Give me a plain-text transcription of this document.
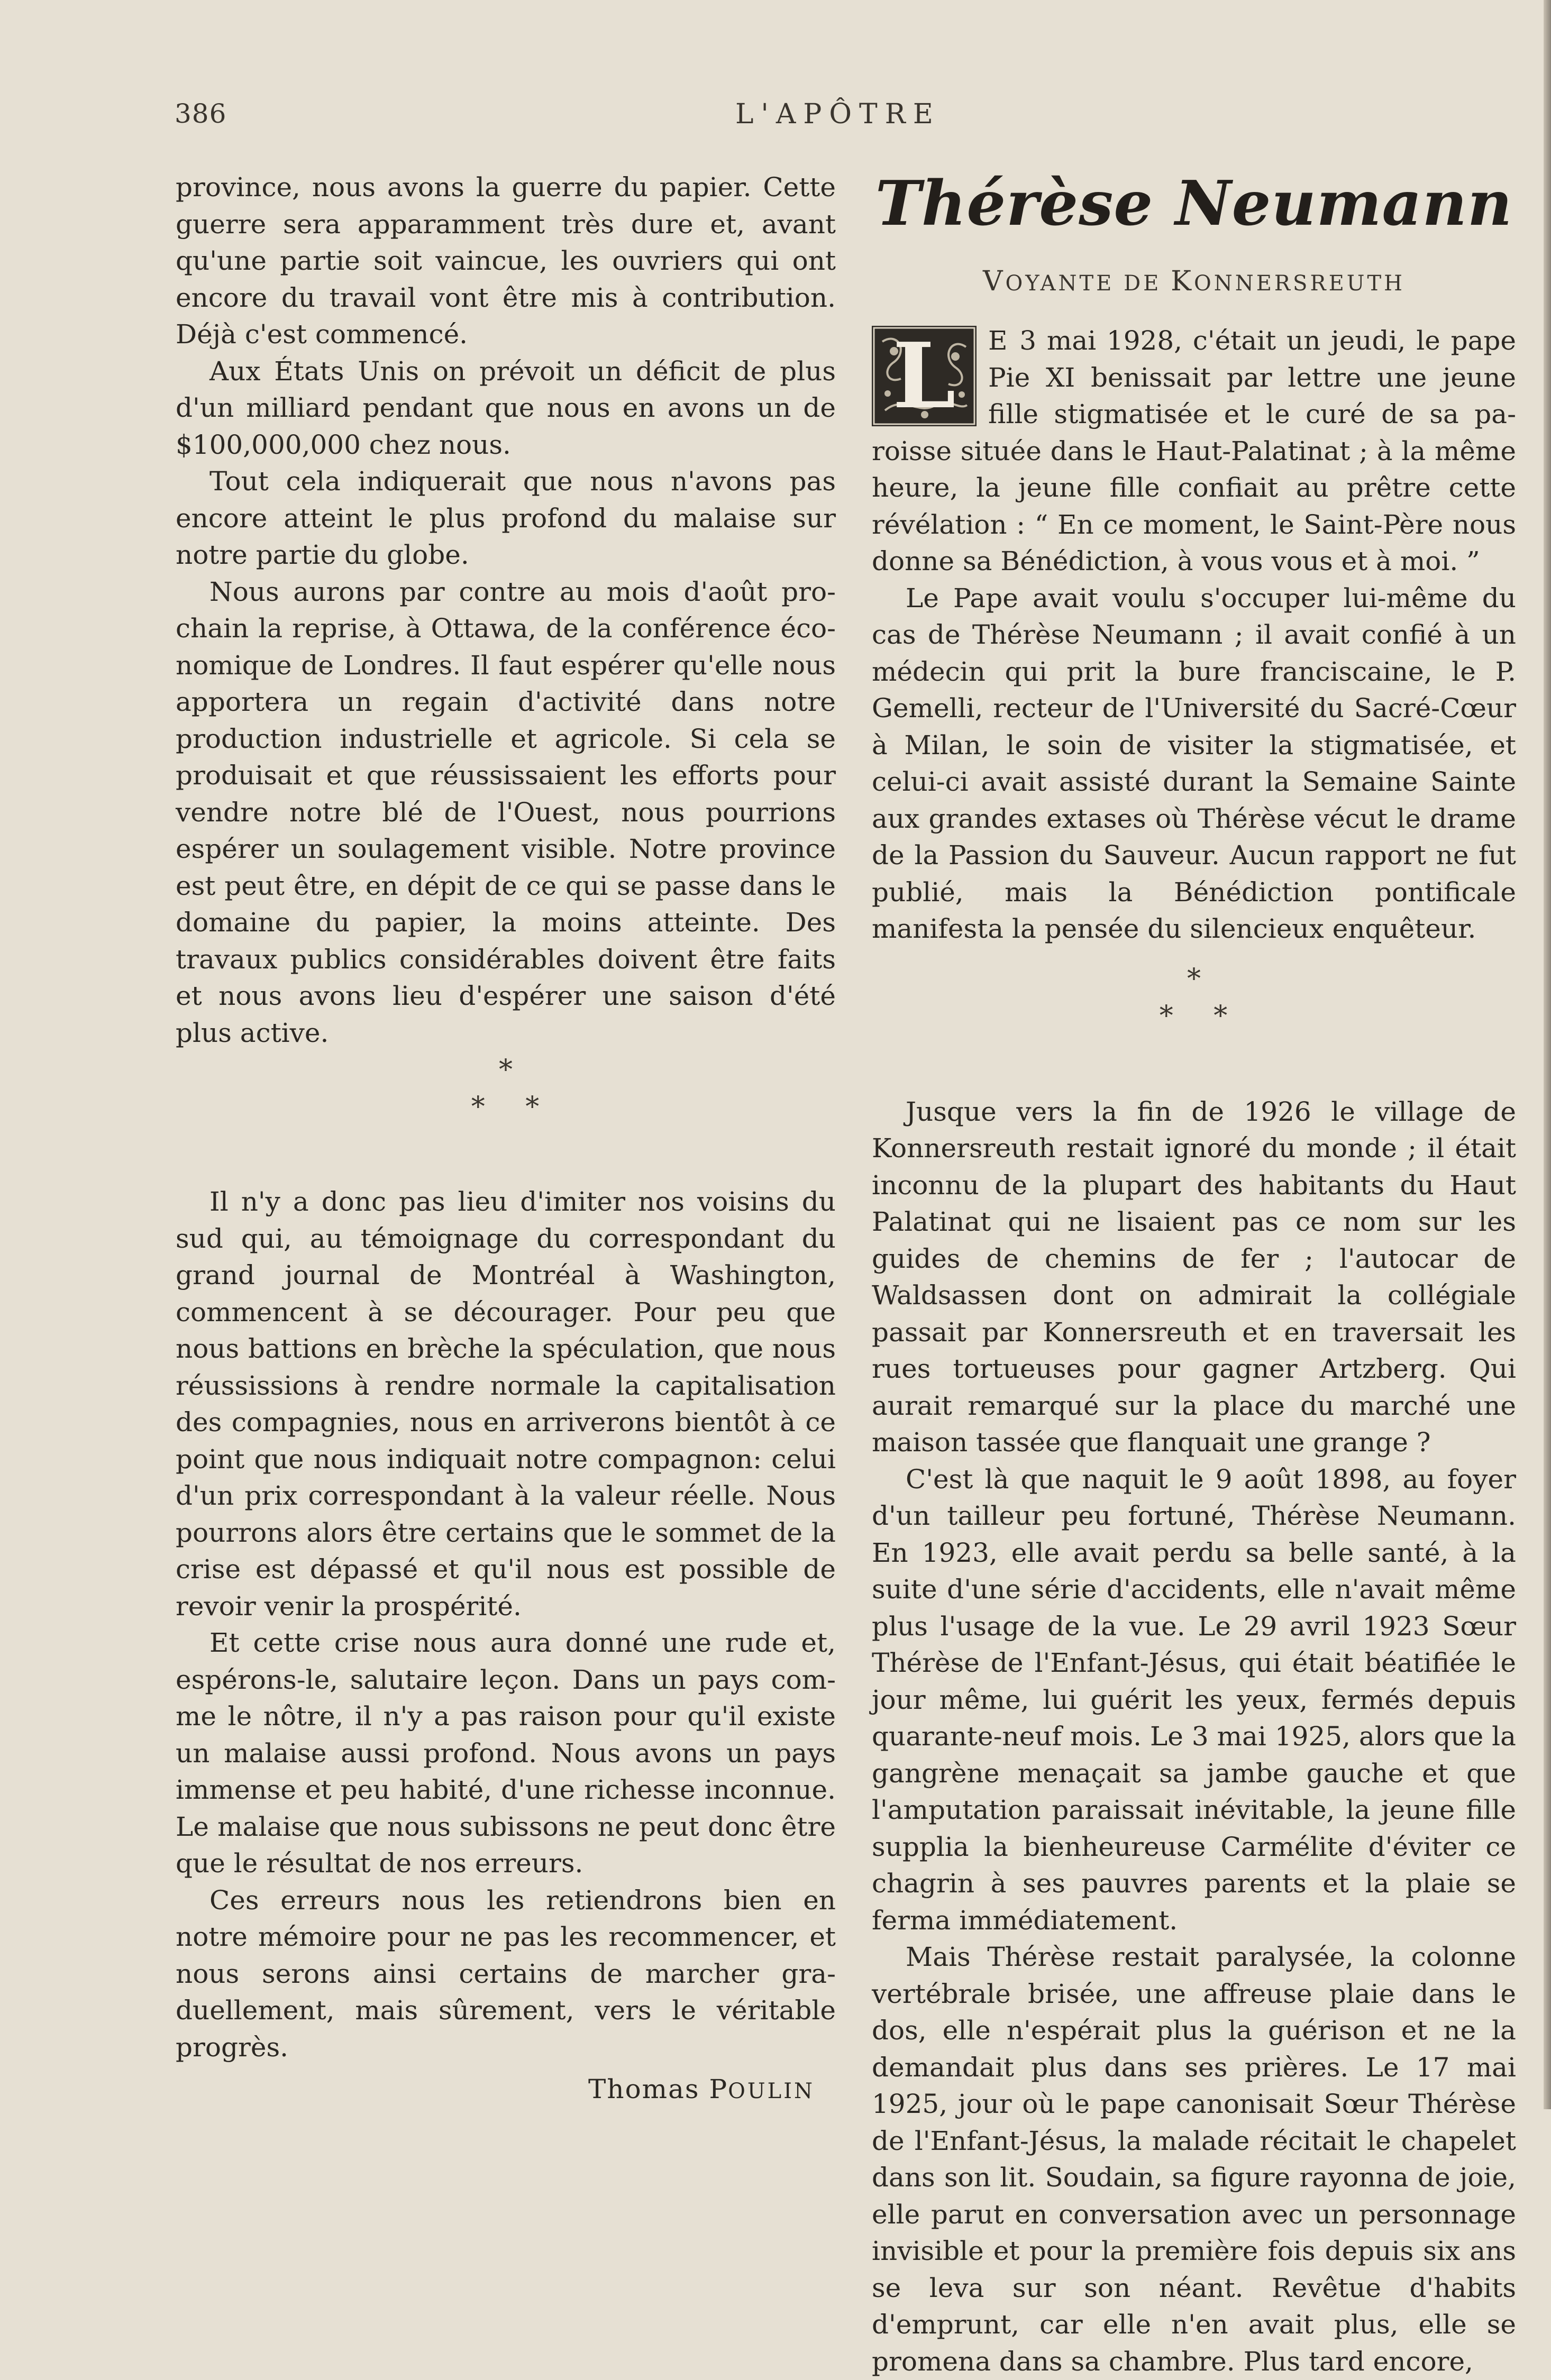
386	L'APÔTRE

province, nous avons la guerre du papier. Cette guerre sera apparamment très dure et, avant qu'une partie soit vaincue, les ouvriers qui ont encore du travail vont être mis à contribution. Déjà c'est commencé.

Aux États Unis on prévoit un déficit de plus d'un milliard pendant que nous en avons un de $100,000,000 chez nous.

Tout cela indiquerait que nous n'avons pas encore atteint le plus profond du malaise sur notre partie du globe.

Nous aurons par contre au mois d'août prochain la reprise, à Ottawa, de la conférence économique de Londres. Il faut espérer qu'elle nous apportera un regain d'activité dans notre production industrielle et agricole. Si cela se produisait et que réussissaient les efforts pour vendre notre blé de l'Ouest, nous pourrions espérer un soulagement visible. Notre province est peut être, en dépit de ce qui se passe dans le domaine du papier, la moins atteinte. Des travaux publics considérables doivent être faits et nous avons lieu d'espérer une saison d'été plus active.

*
* *

Il n'y a donc pas lieu d'imiter nos voisins du sud qui, au témoignage du correspondant du grand journal de Montréal à Washington, commencent à se décourager. Pour peu que nous battions en brèche la spéculation, que nous réussissions à rendre normale la capitalisation des compagnies, nous en arriverons bientôt à ce point que nous indiquait notre compagnon: celui d'un prix correspondant à la valeur réelle. Nous pourrons alors être certains que le sommet de la crise est dépassé et qu'il nous est possible de revoir venir la prospérité.

Et cette crise nous aura donné une rude et, espérons-le, salutaire leçon. Dans un pays comme le nôtre, il n'y a pas raison pour qu'il existe un malaise aussi profond. Nous avons un pays immense et peu habité, d'une richesse inconnue. Le malaise que nous subissons ne peut donc être que le résultat de nos erreurs.

Ces erreurs nous les retiendrons bien en notre mémoire pour ne pas les recommencer, et nous serons ainsi certains de marcher graduellement, mais sûrement, vers le véritable progrès.

Thomas POULIN
Thérèse Neumann
VOYANTE DE KONNERSREUTH
L	E 3 mai 1928, c'était un jeudi, le pape Pie XI benissait par lettre une jeune fille stigmatisée et le curé de sa paroisse située dans le Haut-Palatinat ; à la même heure, la jeune fille confiait au prêtre cette révélation : “ En ce moment, le Saint-Père nous donne sa Bénédiction, à vous vous et à moi. ”

Le Pape avait voulu s'occuper lui-même du cas de Thérèse Neumann ; il avait confié à un médecin qui prit la bure franciscaine, le P. Gemelli, recteur de l'Université du Sacré-Cœur à Milan, le soin de visiter la stigmatisée, et celui-ci avait assisté durant la Semaine Sainte aux grandes extases où Thérèse vécut le drame de la Passion du Sauveur. Aucun rapport ne fut publié, mais la Bénédiction pontificale manifesta la pensée du silencieux enquêteur.

*
* *

Jusque vers la fin de 1926 le village de Konnersreuth restait ignoré du monde ; il était inconnu de la plupart des habitants du Haut Palatinat qui ne lisaient pas ce nom sur les guides de chemins de fer ; l'autocar de Waldsassen dont on admirait la collégiale passait par Konnersreuth et en traversait les rues tortueuses pour gagner Artzberg. Qui aurait remarqué sur la place du marché une maison tassée que flanquait une grange ?

C'est là que naquit le 9 août 1898, au foyer d'un tailleur peu fortuné, Thérèse Neumann. En 1923, elle avait perdu sa belle santé, à la suite d'une série d'accidents, elle n'avait même plus l'usage de la vue. Le 29 avril 1923 Sœur Thérèse de l'Enfant-Jésus, qui était béatifiée le jour même, lui guérit les yeux, fermés depuis quarante-neuf mois. Le 3 mai 1925, alors que la gangrène menaçait sa jambe gauche et que l'amputation paraissait inévitable, la jeune fille supplia la bienheureuse Carmélite d'éviter ce chagrin à ses pauvres parents et la plaie se ferma immédiatement.

Mais Thérèse restait paralysée, la colonne vertébrale brisée, une affreuse plaie dans le dos, elle n'espérait plus la guérison et ne la demandait plus dans ses prières. Le 17 mai 1925, jour où le pape canonisait Sœur Thérèse de l'Enfant-Jésus, la malade récitait le chapelet dans son lit. Soudain, sa figure rayonna de joie, elle parut en conversation avec un personnage invisible et pour la première fois depuis six ans se leva sur son néant. Revêtue d'habits d'emprunt, car elle n'en avait plus, elle se promena dans sa chambre. Plus tard encore,
